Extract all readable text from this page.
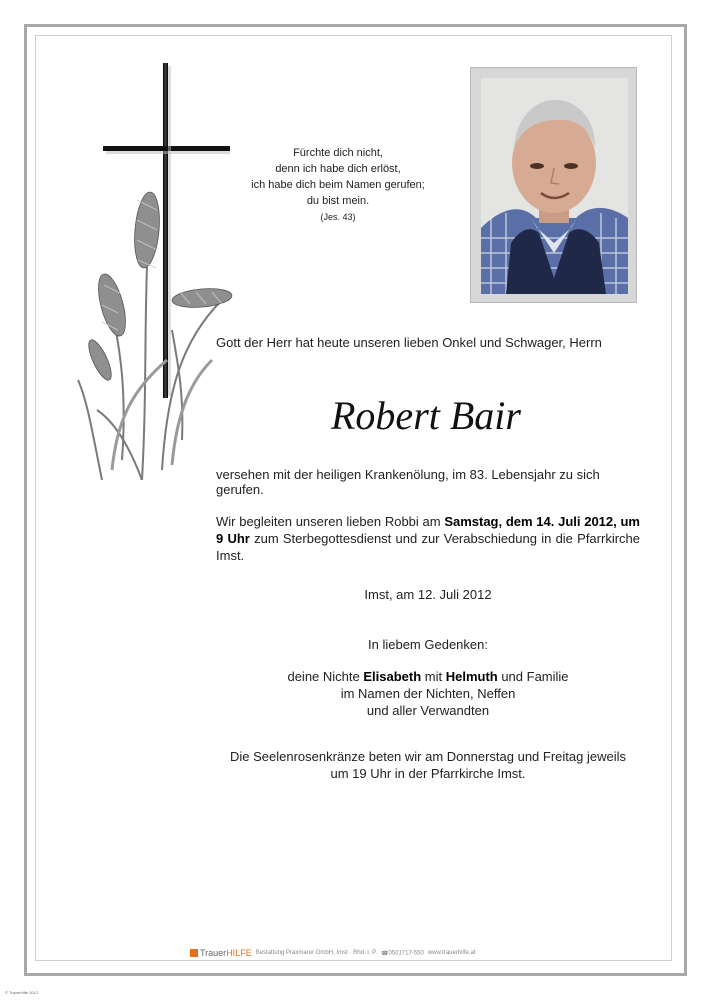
Fürchte dich nicht,
denn ich habe dich erlöst,
ich habe dich beim Namen gerufen;
du bist mein.
(Jes. 43)
Gott der Herr hat heute unseren lieben Onkel und Schwager, Herrn
Robert Bair
versehen mit der heiligen Krankenölung, im 83. Lebensjahr zu sich gerufen.
Wir begleiten unseren lieben Robbi am Samstag, dem 14. Juli 2012, um 9 Uhr zum Sterbegottesdienst und zur Verabschiedung in die Pfarrkirche Imst.
Imst, am 12. Juli 2012
In liebem Gedenken:
deine Nichte Elisabeth mit Helmuth und Familie
im Namen der Nichten, Neffen
und aller Verwandten
Die Seelenrosenkränze beten wir am Donnerstag und Freitag jeweils
um 19 Uhr in der Pfarrkirche Imst.
TrauerHILFE Bestattung Praxmarer GmbH, Imst · Rhd. i. P. ☎0501717-550 www.trauerhilfe.at
© Trauerhilfe 2012
